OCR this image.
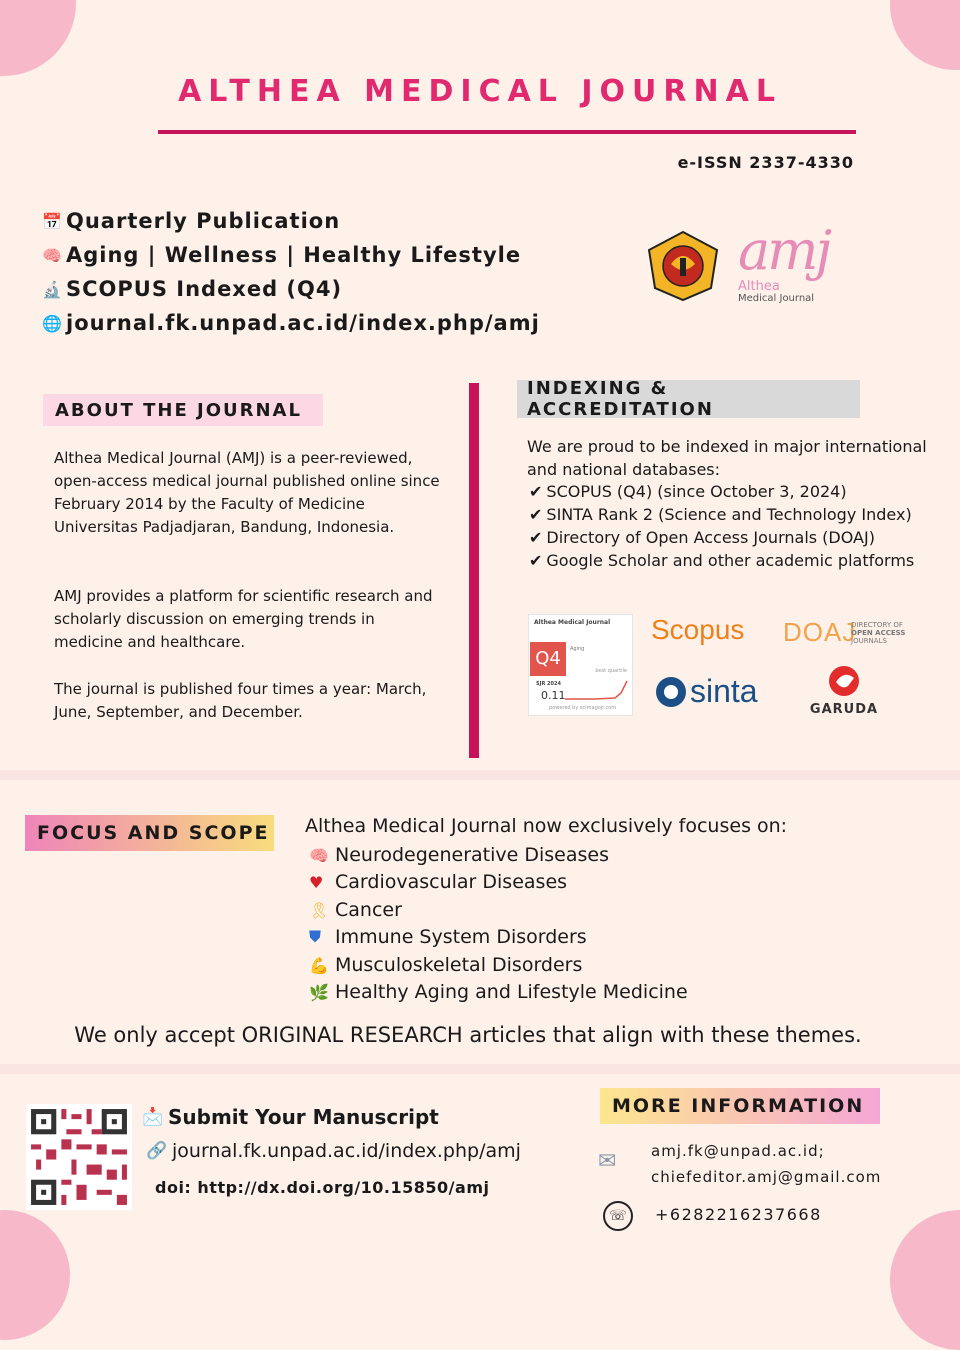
ALTHEA MEDICAL JOURNAL
e-ISSN 2337-4330
📅 Quarterly Publication
🧠 Aging | Wellness | Healthy Lifestyle
🔬 SCOPUS Indexed (Q4)
🌐 journal.fk.unpad.ac.id/index.php/amj
amj
Althea
Medical Journal
ABOUT THE JOURNAL
Althea Medical Journal (AMJ) is a peer-reviewed, open-access medical journal published online since February 2014 by the Faculty of Medicine Universitas Padjadjaran, Bandung, Indonesia.
AMJ provides a platform for scientific research and scholarly discussion on emerging trends in medicine and healthcare.
The journal is published four times a year: March, June, September, and December.
INDEXING & ACCREDITATION
We are proud to be indexed in major international and national databases:
✔ SCOPUS (Q4) (since October 3, 2024)
✔ SINTA Rank 2 (Science and Technology Index)
✔ Directory of Open Access Journals (DOAJ)
✔ Google Scholar and other academic platforms
Althea Medical Journal
Q4	Aging
best quartile
SJR 2024
0.11
powered by scimagojr.com
Scopus DOAJ
DIRECTORY OF
OPEN ACCESS
JOURNALS
sinta
GARUDA
FOCUS AND SCOPE Althea Medical Journal now exclusively focuses on:
🧠 Neurodegenerative Diseases
♥ Cardiovascular Diseases
🎗 Cancer
⛊ Immune System Disorders
💪 Musculoskeletal Disorders
🌿 Healthy Aging and Lifestyle Medicine
We only accept ORIGINAL RESEARCH articles that align with these themes.
📩 Submit Your Manuscript
🔗 journal.fk.unpad.ac.id/index.php/amj
doi: http://dx.doi.org/10.15850/amj
MORE INFORMATION
✉ amj.fk@unpad.ac.id;
chiefeditor.amj@gmail.com
☏	+6282216237668
